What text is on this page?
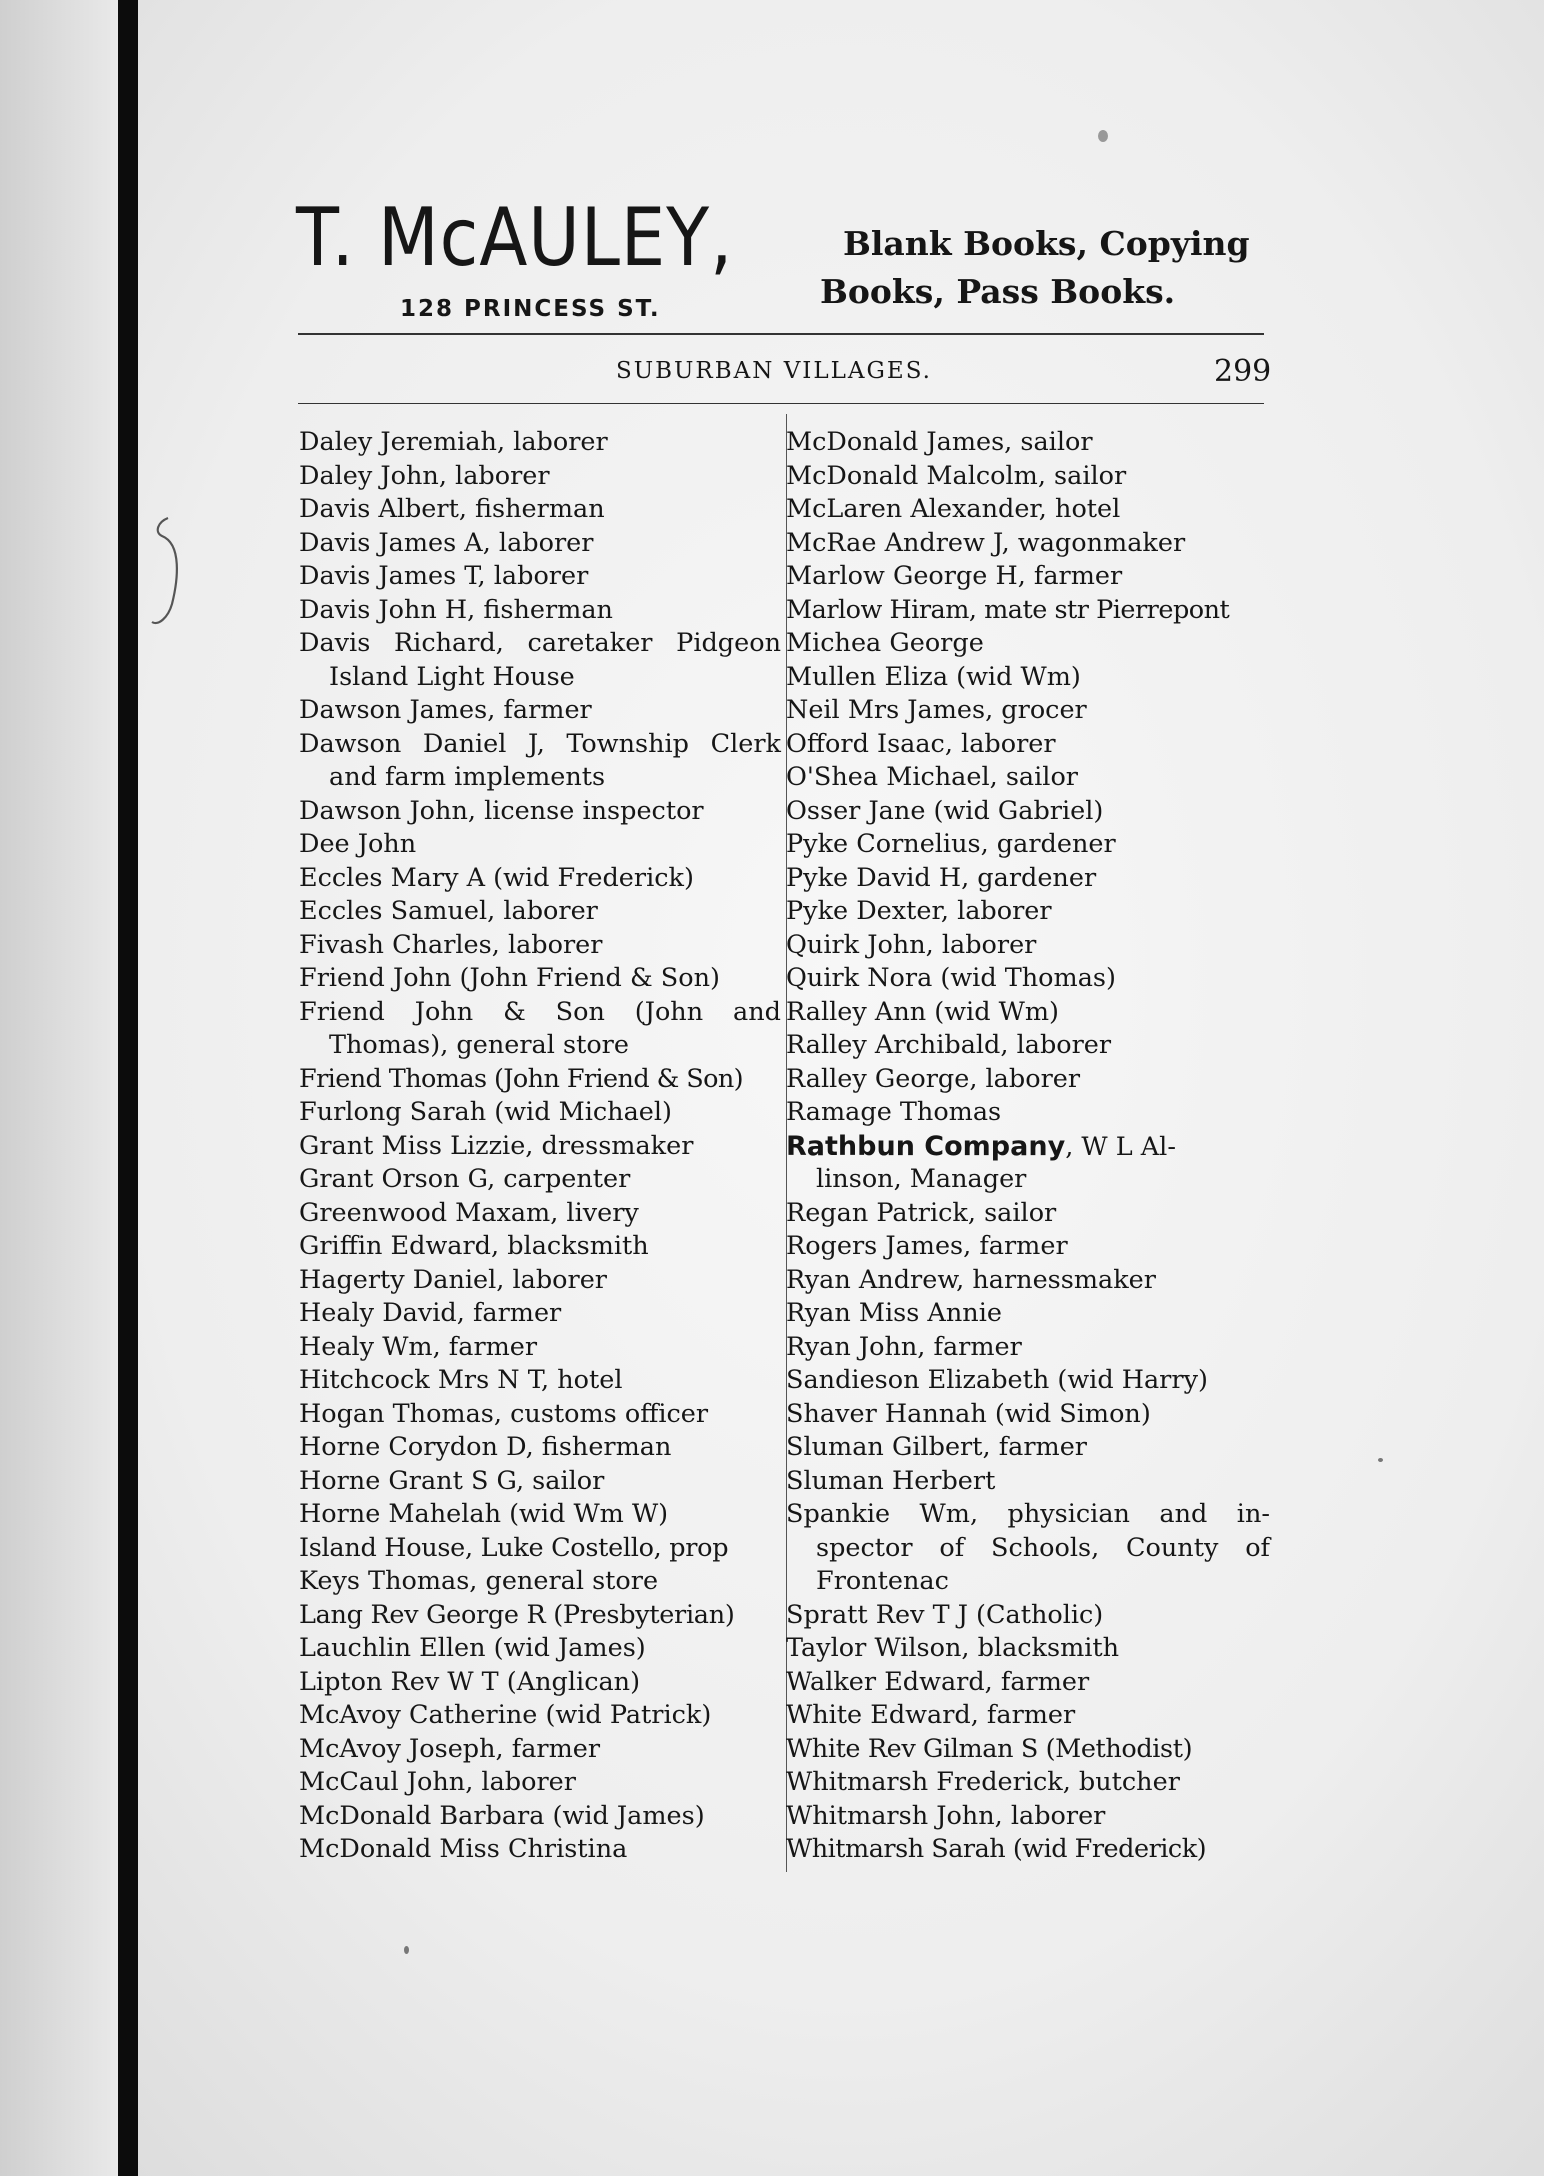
T. McAULEY,
128 PRINCESS ST.
Blank Books, Copying
Books, Pass Books.
SUBURBAN VILLAGES.	299
Daley Jeremiah, laborer
Daley John, laborer
Davis Albert, fisherman
Davis James A, laborer
Davis James T, laborer
Davis John H, fisherman
Davis Richard, caretaker Pidgeon
Island Light House
Dawson James, farmer
Dawson Daniel J, Township Clerk
and farm implements
Dawson John, license inspector
Dee John
Eccles Mary A (wid Frederick)
Eccles Samuel, laborer
Fivash Charles, laborer
Friend John (John Friend & Son)
Friend John & Son (John and
Thomas), general store
Friend Thomas (John Friend & Son)
Furlong Sarah (wid Michael)
Grant Miss Lizzie, dressmaker
Grant Orson G, carpenter
Greenwood Maxam, livery
Griffin Edward, blacksmith
Hagerty Daniel, laborer
Healy David, farmer
Healy Wm, farmer
Hitchcock Mrs N T, hotel
Hogan Thomas, customs officer
Horne Corydon D, fisherman
Horne Grant S G, sailor
Horne Mahelah (wid Wm W)
Island House, Luke Costello, prop
Keys Thomas, general store
Lang Rev George R (Presbyterian)
Lauchlin Ellen (wid James)
Lipton Rev W T (Anglican)
McAvoy Catherine (wid Patrick)
McAvoy Joseph, farmer
McCaul John, laborer
McDonald Barbara (wid James)
McDonald Miss Christina
McDonald James, sailor
McDonald Malcolm, sailor
McLaren Alexander, hotel
McRae Andrew J, wagonmaker
Marlow George H, farmer
Marlow Hiram, mate str Pierrepont
Michea George
Mullen Eliza (wid Wm)
Neil Mrs James, grocer
Offord Isaac, laborer
O'Shea Michael, sailor
Osser Jane (wid Gabriel)
Pyke Cornelius, gardener
Pyke David H, gardener
Pyke Dexter, laborer
Quirk John, laborer
Quirk Nora (wid Thomas)
Ralley Ann (wid Wm)
Ralley Archibald, laborer
Ralley George, laborer
Ramage Thomas
Rathbun Company, W L Al-
linson, Manager
Regan Patrick, sailor
Rogers James, farmer
Ryan Andrew, harnessmaker
Ryan Miss Annie
Ryan John, farmer
Sandieson Elizabeth (wid Harry)
Shaver Hannah (wid Simon)
Sluman Gilbert, farmer
Sluman Herbert
Spankie Wm, physician and in-
spector of Schools, County of
Frontenac
Spratt Rev T J (Catholic)
Taylor Wilson, blacksmith
Walker Edward, farmer
White Edward, farmer
White Rev Gilman S (Methodist)
Whitmarsh Frederick, butcher
Whitmarsh John, laborer
Whitmarsh Sarah (wid Frederick)
